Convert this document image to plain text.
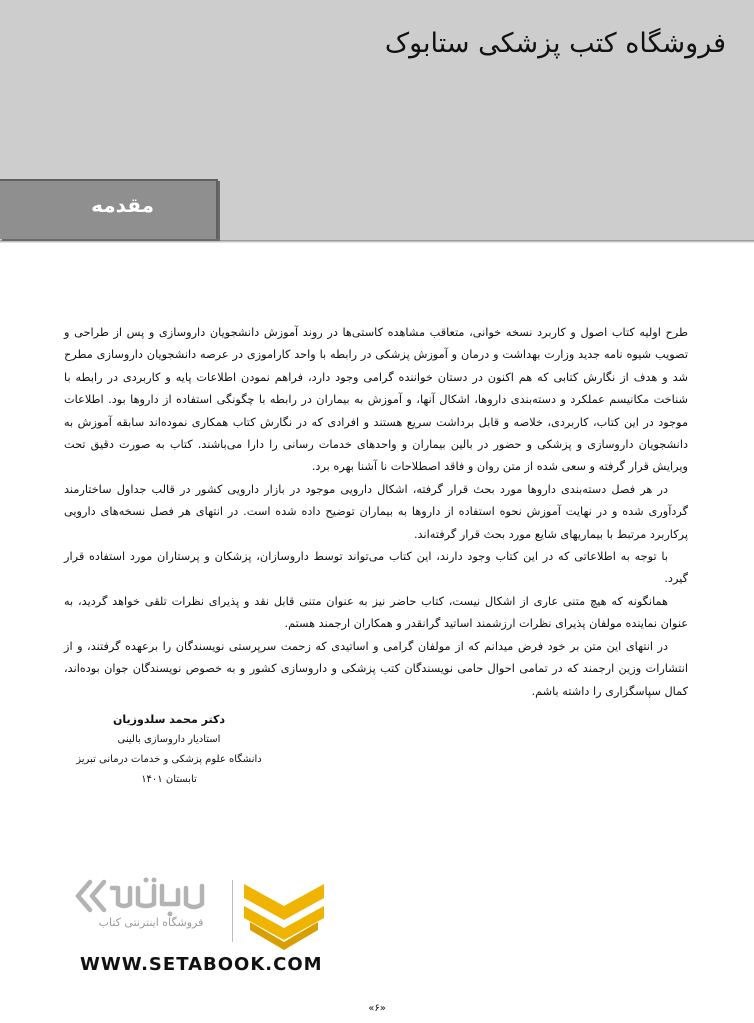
فروشگاه کتب پزشکی ستابوک
مقدمه

طرح اولیه کتاب اصول و کاربرد نسخه خوانی، متعاقب مشاهده کاستی‌ها در روند آموزش دانشجویان داروسازی و پس از طراحی و تصویب شیوه نامه جدید وزارت بهداشت و درمان و آموزش پزشکی در رابطه با واحد کاراموزی در عرصه دانشجویان داروسازی مطرح شد و هدف از نگارش کتابی که هم اکنون در دستان خواننده گرامی وجود دارد، فراهم نمودن اطلاعات پایه و کاربردی در رابطه با شناخت مکانیسم عملکرد و دسته‌بندی داروها، اشکال آنها، و آموزش به بیماران در رابطه با چگونگی استفاده از داروها بود. اطلاعات موجود در این کتاب، کاربردی، خلاصه و قابل برداشت سریع هستند و افرادی که در نگارش کتاب همکاری نموده‌اند سابقه آموزش به دانشجویان داروسازی و پزشکی و حضور در بالین بیماران و واحدهای خدمات رسانی را دارا می‌باشند. کتاب به صورت دقیق تحت ویرایش قرار گرفته و سعی شده از متن روان و فاقد اصطلاحات نا آشنا بهره برد.

در هر فصل دسته‌بندی داروها مورد بحث قرار گرفته، اشکال دارویی موجود در بازار دارویی کشور در قالب جداول ساختارمند گردآوری شده و در نهایت آموزش نحوه استفاده از داروها به بیماران توضیح داده شده است. در انتهای هر فصل نسخه‌های دارویی پرکاربرد مرتبط با بیماریهای شایع مورد بحث قرار گرفته‌اند.

با توجه به اطلاعاتی که در این کتاب وجود دارند، این کتاب می‌تواند توسط داروسازان، پزشکان و پرستاران مورد استفاده قرار گیرد.

همانگونه که هیچ متنی عاری از اشکال نیست، کتاب حاضر نیز به عنوان متنی قابل نقد و پذیرای نظرات تلقی خواهد گردید، به عنوان نماینده مولفان پذیرای نظرات ارزشمند اساتید گرانقدر و همکاران ارجمند هستم.

در انتهای این متن بر خود فرض میدانم که از مولفان گرامی و اساتیدی که زحمت سرپرستی نویسندگان را برعهده گرفتند، و از انتشارات وزین ارجمند که در تمامی احوال حامی نویسندگان کتب پزشکی و داروسازی کشور و به خصوص نویسندگان جوان بوده‌اند، کمال سپاسگزاری را داشته باشم.

دکتر محمد سلدوزیان
استادیار داروسازی بالینی
دانشگاه علوم پزشکی و خدمات درمانی تبریز
تابستان ۱۴۰۱
فروشگاه اینترنتی کتاب
WWW.SETABOOK.COM
«۶»
